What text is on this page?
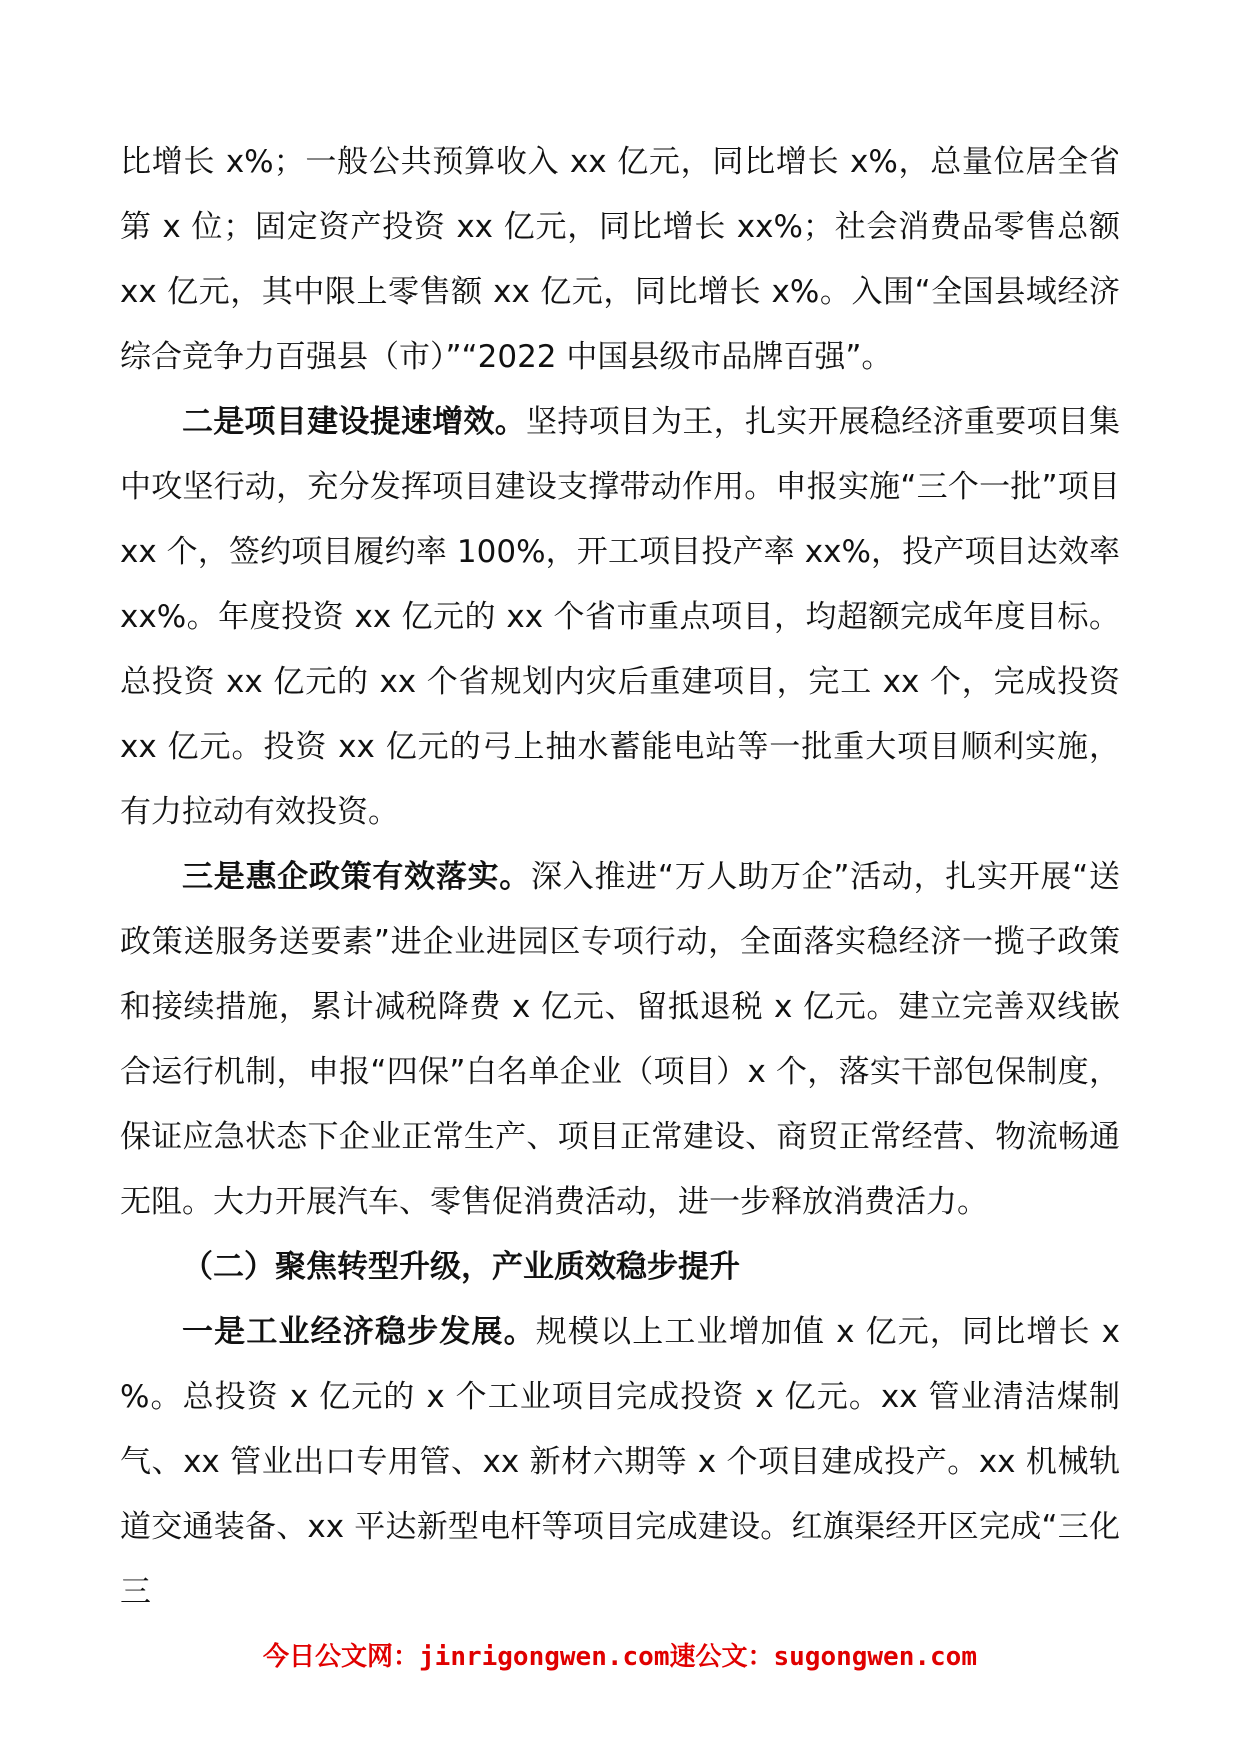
比增长 x%；一般公共预算收入 xx 亿元，同比增长 x%，总量位居全省第 x 位；固定资产投资 xx 亿元，同比增长 xx%；社会消费品零售总额 xx 亿元，其中限上零售额 xx 亿元，同比增长 x%。入围“全国县域经济综合竞争力百强县（市）”“2022 中国县级市品牌百强”。

二是项目建设提速增效。坚持项目为王，扎实开展稳经济重要项目集中攻坚行动，充分发挥项目建设支撑带动作用。申报实施“三个一批”项目 xx 个，签约项目履约率 100%，开工项目投产率 xx%，投产项目达效率 xx%。年度投资 xx 亿元的 xx 个省市重点项目，均超额完成年度目标。总投资 xx 亿元的 xx 个省规划内灾后重建项目，完工 xx 个，完成投资 xx 亿元。投资 xx 亿元的弓上抽水蓄能电站等一批重大项目顺利实施，有力拉动有效投资。

三是惠企政策有效落实。深入推进“万人助万企”活动，扎实开展“送政策送服务送要素”进企业进园区专项行动，全面落实稳经济一揽子政策和接续措施，累计减税降费 x 亿元、留抵退税 x 亿元。建立完善双线嵌合运行机制，申报“四保”白名单企业（项目）x 个，落实干部包保制度，保证应急状态下企业正常生产、项目正常建设、商贸正常经营、物流畅通无阻。大力开展汽车、零售促消费活动，进一步释放消费活力。

（二）聚焦转型升级，产业质效稳步提升

一是工业经济稳步发展。规模以上工业增加值 x 亿元，同比增长 x %。总投资 x 亿元的 x 个工业项目完成投资 x 亿元。xx 管业清洁煤制气、xx 管业出口专用管、xx 新材六期等 x 个项目建成投产。xx 机械轨道交通装备、xx 平达新型电杆等项目完成建设。红旗渠经开区完成“三化三

今日公文网：jinrigongwen.com速公文：sugongwen.com
